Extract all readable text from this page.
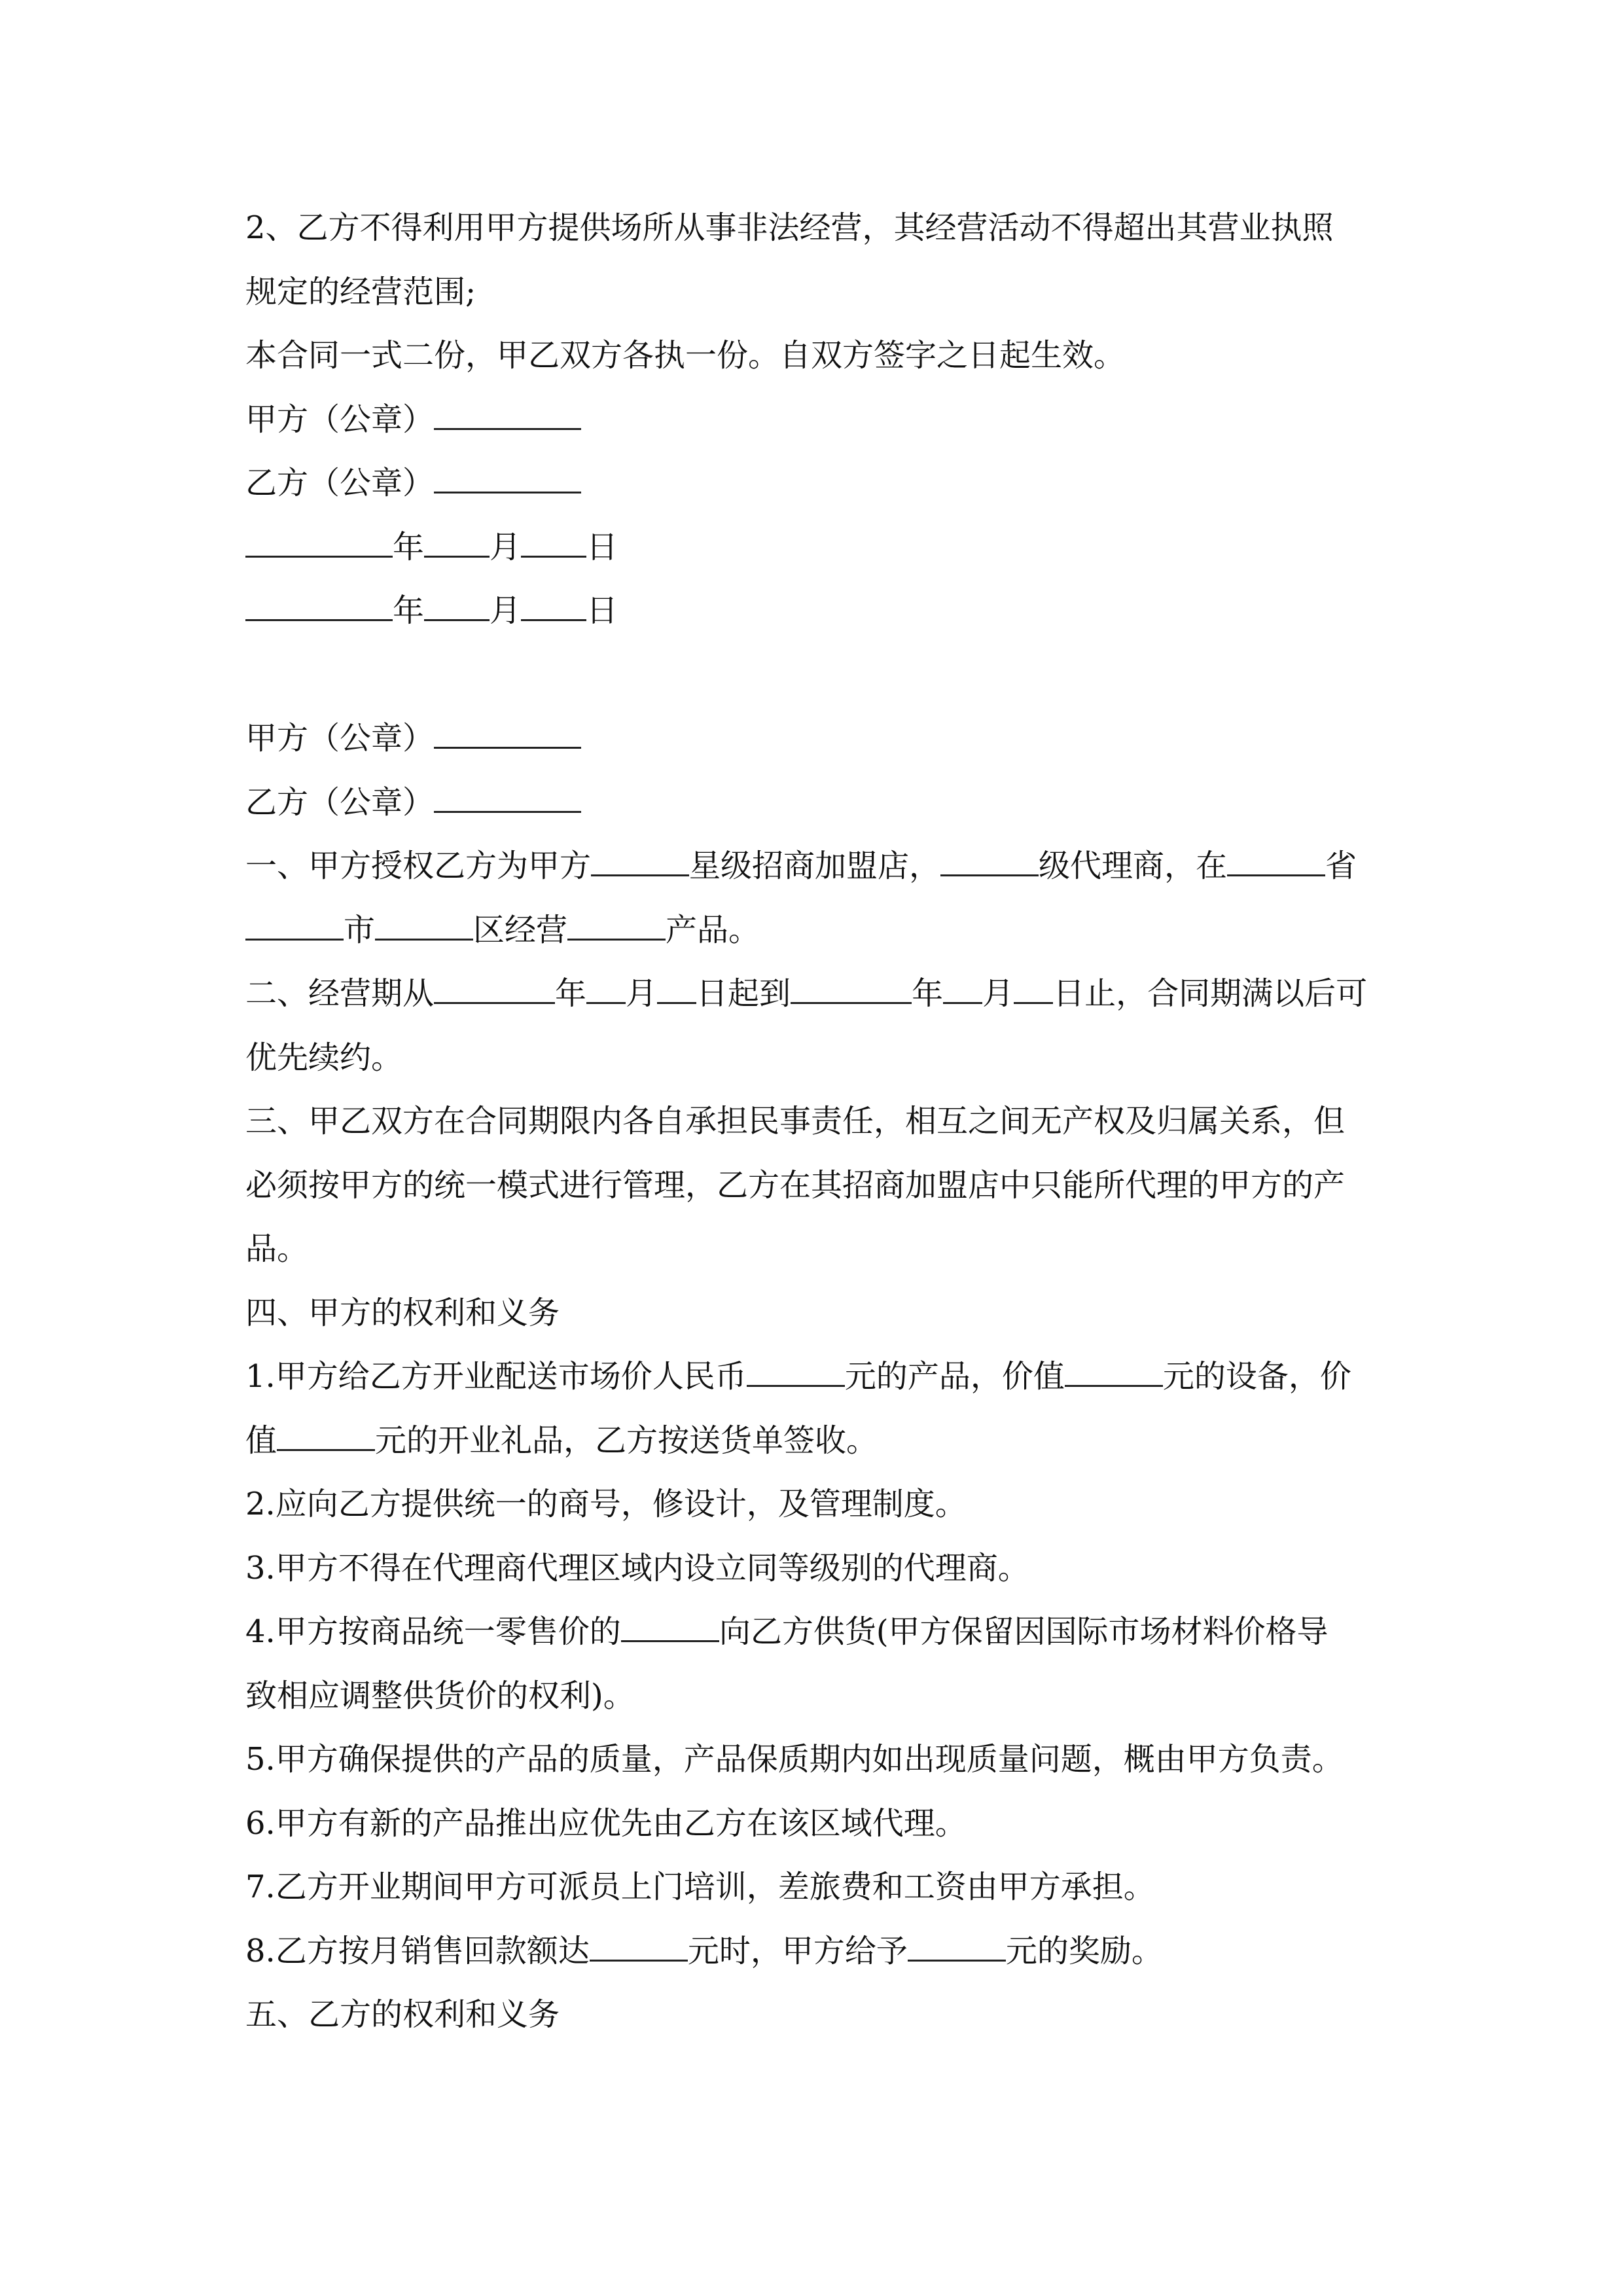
2、乙方不得利用甲方提供场所从事非法经营，其经营活动不得超出其营业执照
规定的经营范围;
本合同一式二份，甲乙双方各执一份。自双方签字之日起生效。
甲方（公章）
乙方（公章）
年 月 日
年 月 日
甲方（公章）
乙方（公章）
一、甲方授权乙方为甲方	星级招商加盟店，	级代理商，在	省
市	区经营	产品。
二、经营期从	年 月 日起到	年 月 日止，合同期满以后可
优先续约。
三、甲乙双方在合同期限内各自承担民事责任，相互之间无产权及归属关系，但
必须按甲方的统一模式进行管理，乙方在其招商加盟店中只能所代理的甲方的产
品。
四、甲方的权利和义务
1.甲方给乙方开业配送市场价人民币	元的产品，价值	元的设备，价
值	元的开业礼品，乙方按送货单签收。
2.应向乙方提供统一的商号，修设计，及管理制度。
3.甲方不得在代理商代理区域内设立同等级别的代理商。
4.甲方按商品统一零售价的	向乙方供货(甲方保留因国际市场材料价格导
致相应调整供货价的权利)。
5.甲方确保提供的产品的质量，产品保质期内如出现质量问题，概由甲方负责。
6.甲方有新的产品推出应优先由乙方在该区域代理。
7.乙方开业期间甲方可派员上门培训，差旅费和工资由甲方承担。
8.乙方按月销售回款额达	元时，甲方给予	元的奖励。
五、乙方的权利和义务
